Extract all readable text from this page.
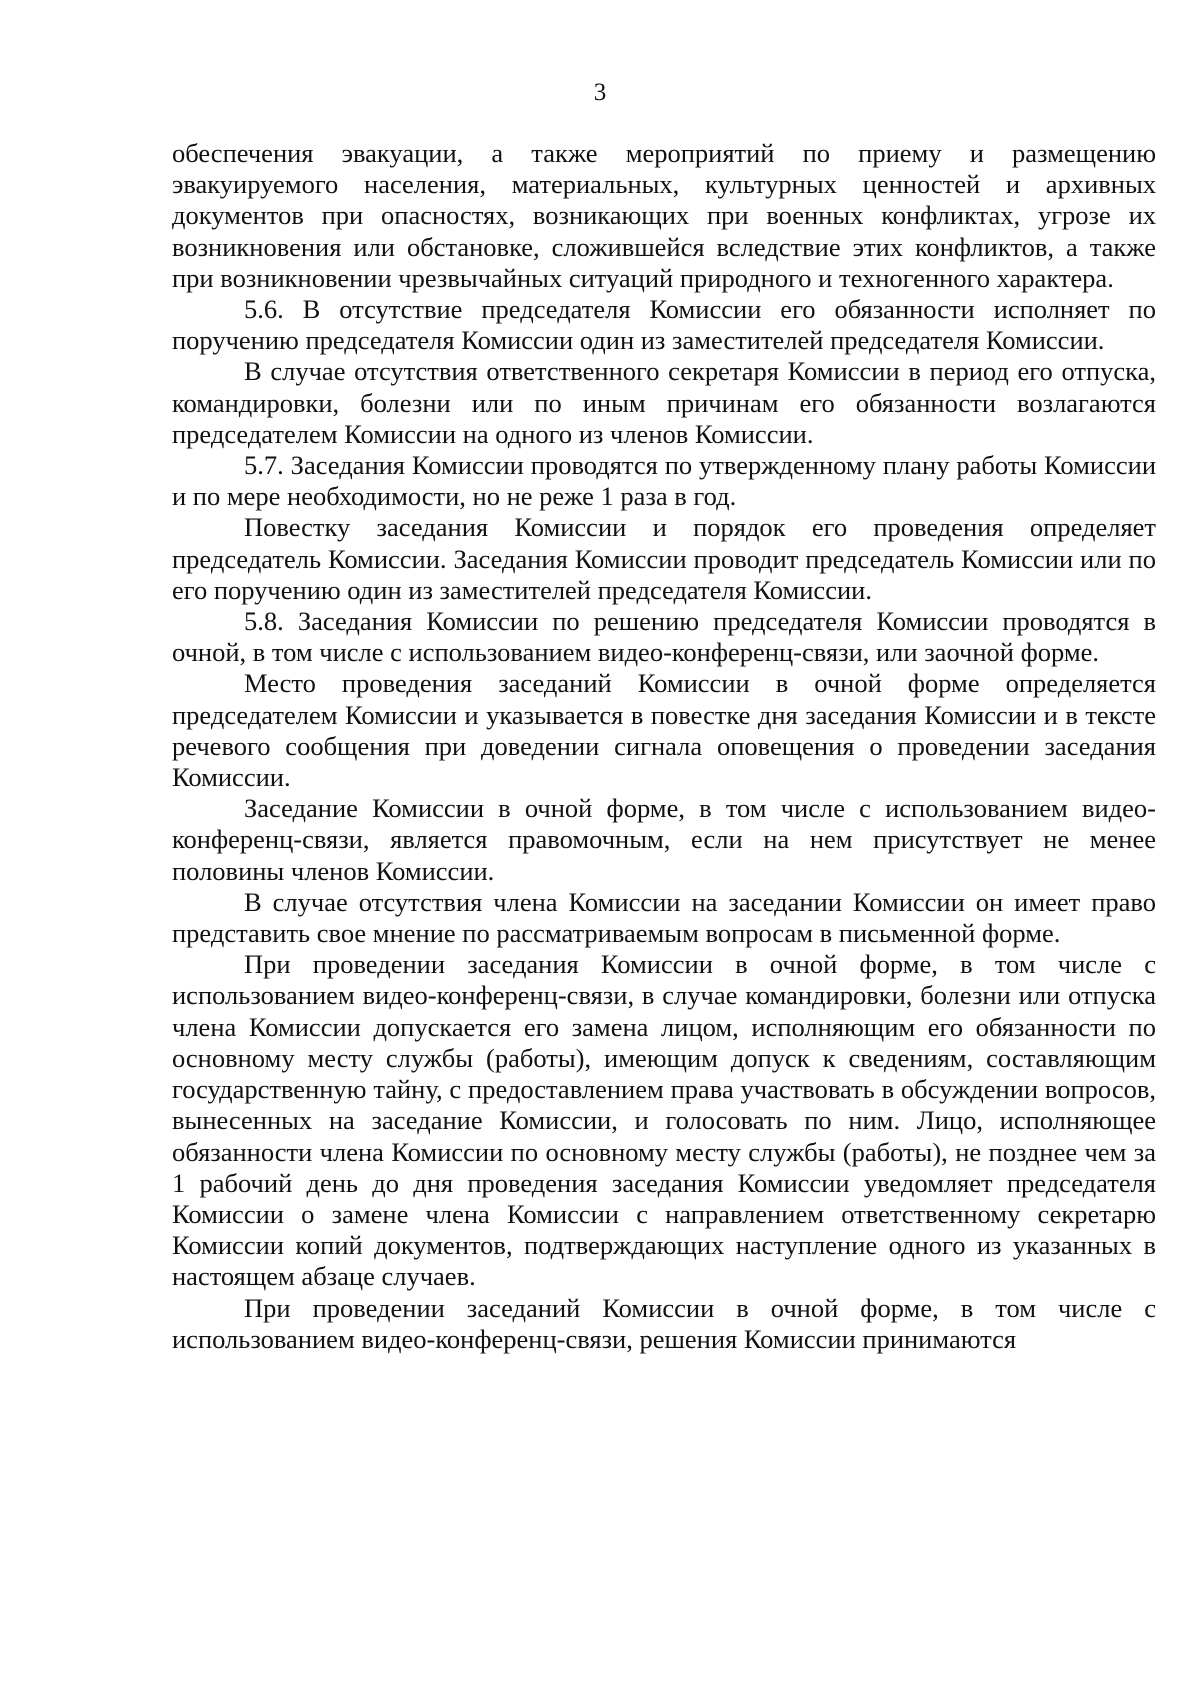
3

обеспечения эвакуации, а также мероприятий по приему и размещению эвакуируемого населения, материальных, культурных ценностей и архивных документов при опасностях, возникающих при военных конфликтах, угрозе их возникновения или обстановке, сложившейся вследствие этих конфликтов, а также при возникновении чрезвычайных ситуаций природного и техногенного характера.

5.6. В отсутствие председателя Комиссии его обязанности исполняет по поручению председателя Комиссии один из заместителей председателя Комиссии.

В случае отсутствия ответственного секретаря Комиссии в период его отпуска, командировки, болезни или по иным причинам его обязанности возлагаются председателем Комиссии на одного из членов Комиссии.

5.7. Заседания Комиссии проводятся по утвержденному плану работы Комиссии и по мере необходимости, но не реже 1 раза в год.

Повестку заседания Комиссии и порядок его проведения определяет председатель Комиссии. Заседания Комиссии проводит председатель Комиссии или по его поручению один из заместителей председателя Комиссии.

5.8. Заседания Комиссии по решению председателя Комиссии проводятся в очной, в том числе с использованием видео-конференц-связи, или заочной форме.

Место проведения заседаний Комиссии в очной форме определяется председателем Комиссии и указывается в повестке дня заседания Комиссии и в тексте речевого сообщения при доведении сигнала оповещения о проведении заседания Комиссии.

Заседание Комиссии в очной форме, в том числе с использованием видео-конференц-связи, является правомочным, если на нем присутствует не менее половины членов Комиссии.

В случае отсутствия члена Комиссии на заседании Комиссии он имеет право представить свое мнение по рассматриваемым вопросам в письменной форме.

При проведении заседания Комиссии в очной форме, в том числе с использованием видео-конференц-связи, в случае командировки, болезни или отпуска члена Комиссии допускается его замена лицом, исполняющим его обязанности по основному месту службы (работы), имеющим допуск к сведениям, составляющим государственную тайну, с предоставлением права участвовать в обсуждении вопросов, вынесенных на заседание Комиссии, и голосовать по ним. Лицо, исполняющее обязанности члена Комиссии по основному месту службы (работы), не позднее чем за 1 рабочий день до дня проведения заседания Комиссии уведомляет председателя Комиссии о замене члена Комиссии с направлением ответственному секретарю Комиссии копий документов, подтверждающих наступление одного из указанных в настоящем абзаце случаев.

При проведении заседаний Комиссии в очной форме, в том числе с использованием видео-конференц-связи, решения Комиссии принимаются
